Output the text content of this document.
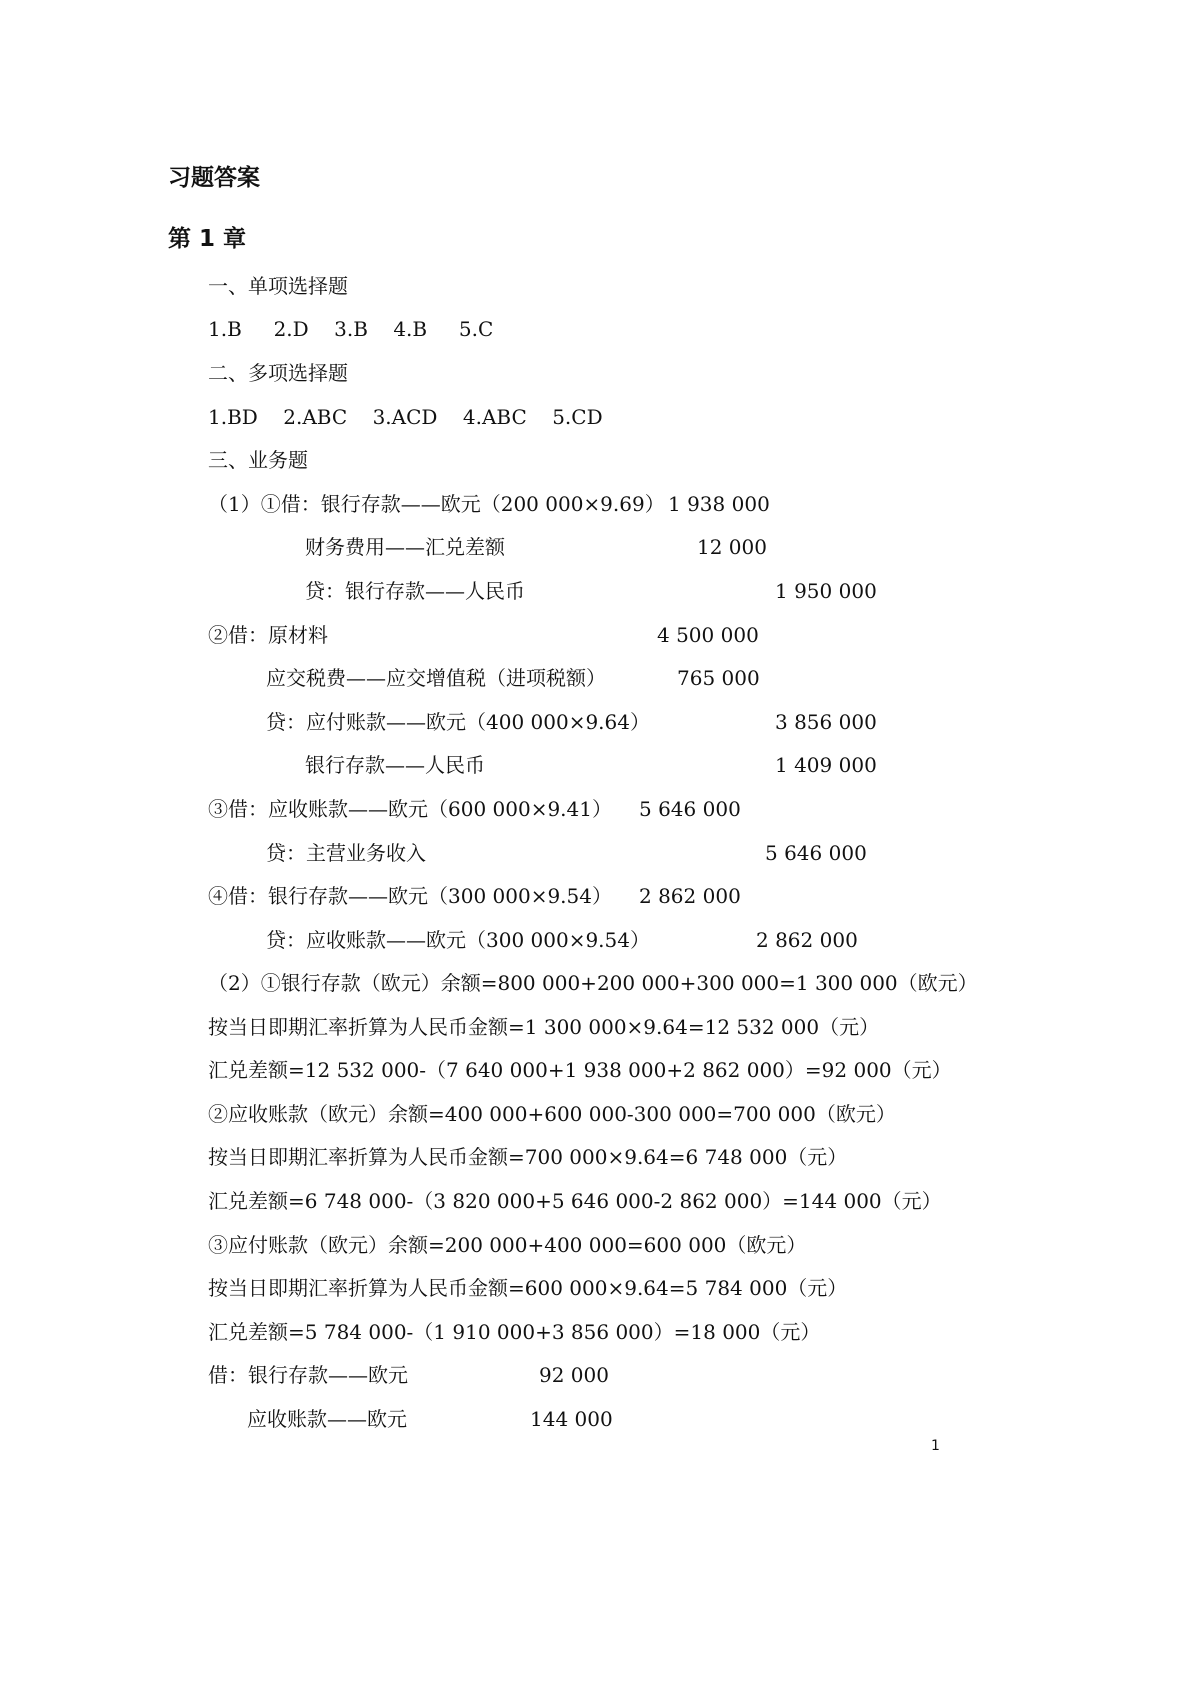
习题答案
第 1 章
一、单项选择题
1.B     2.D    3.B    4.B     5.C
二、多项选择题
1.BD    2.ABC    3.ACD    4.ABC    5.CD
三、业务题
（1）①借：银行存款——欧元（200 000×9.69） 1 938 000
财务费用——汇兑差额	12 000
贷：银行存款——人民币	1 950 000
②借：原材料	4 500 000
应交税费——应交增值税（进项税额）	765 000
贷：应付账款——欧元（400 000×9.64）	3 856 000
银行存款——人民币	1 409 000
③借：应收账款——欧元（600 000×9.41） 5 646 000
贷：主营业务收入	5 646 000
④借：银行存款——欧元（300 000×9.54） 2 862 000
贷：应收账款——欧元（300 000×9.54）	2 862 000
（2）①银行存款（欧元）余额=800 000+200 000+300 000=1 300 000（欧元）
按当日即期汇率折算为人民币金额=1 300 000×9.64=12 532 000（元）
汇兑差额=12 532 000-（7 640 000+1 938 000+2 862 000）=92 000（元）
②应收账款（欧元）余额=400 000+600 000-300 000=700 000（欧元）
按当日即期汇率折算为人民币金额=700 000×9.64=6 748 000（元）
汇兑差额=6 748 000-（3 820 000+5 646 000-2 862 000）=144 000（元）
③应付账款（欧元）余额=200 000+400 000=600 000（欧元）
按当日即期汇率折算为人民币金额=600 000×9.64=5 784 000（元）
汇兑差额=5 784 000-（1 910 000+3 856 000）=18 000（元）
借：银行存款——欧元	92 000
应收账款——欧元	144 000
1
